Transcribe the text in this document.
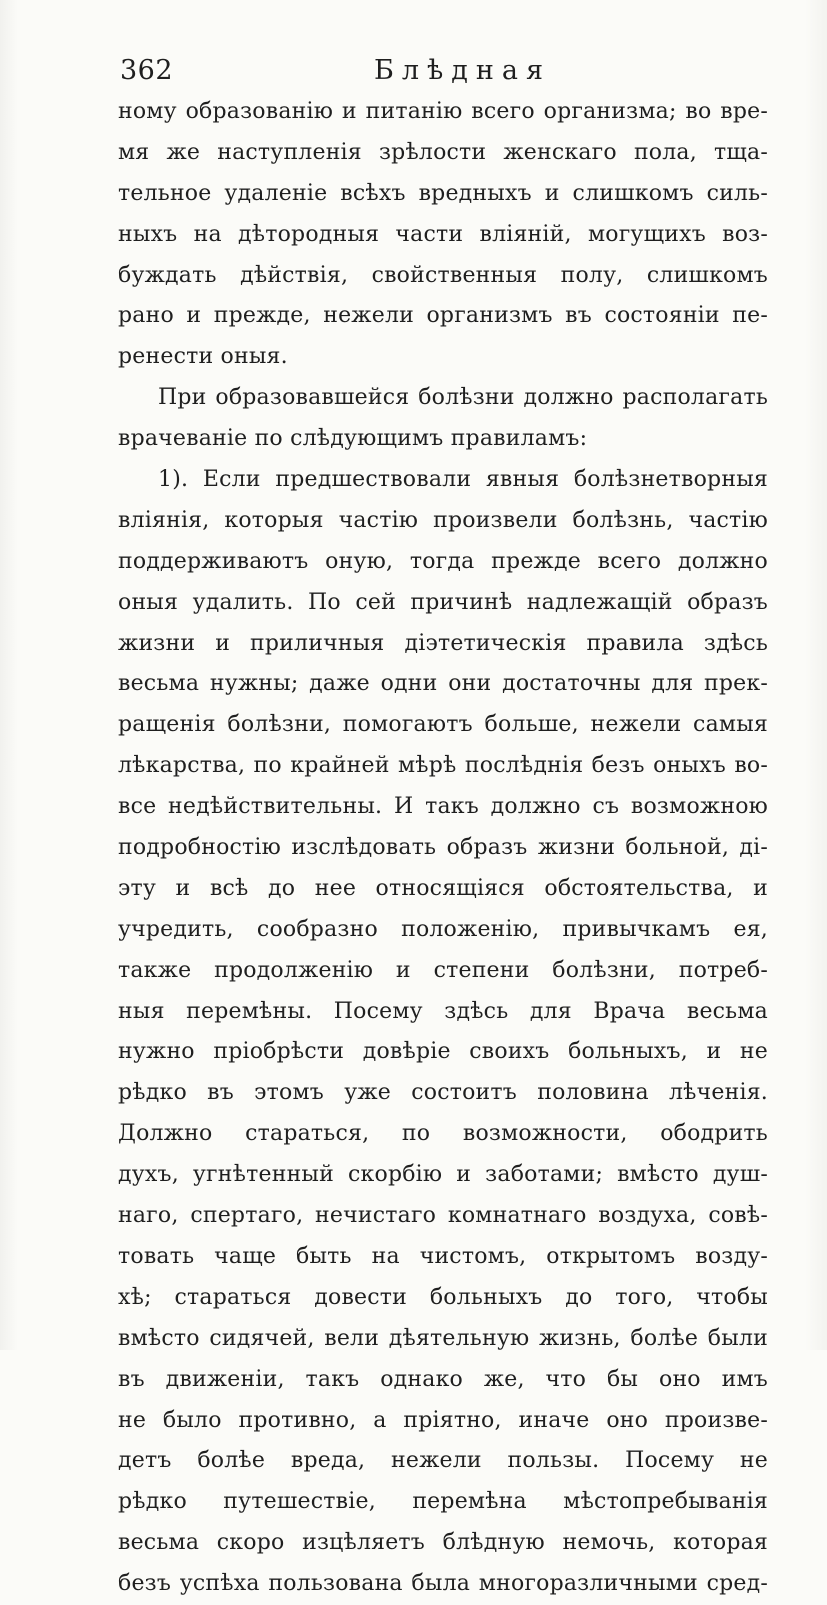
362	Блѣдная
ному образованію и питанію всего организма; во вре-
мя же наступленія зрѣлости женскаго пола, тща-
тельное удаленіе всѣхъ вредныхъ и слишкомъ силь-
ныхъ на дѣтородныя части вліяній, могущихъ воз-
буждать дѣйствія, свойственныя полу, слишкомъ
рано и прежде, нежели организмъ въ состояніи пе-
ренести оныя.
При образовавшейся болѣзни должно располагать
врачеваніе по слѣдующимъ правиламъ:
1). Если предшествовали явныя болѣзнетворныя
вліянія, которыя частію произвели болѣзнь, частію
поддерживаютъ оную, тогда прежде всего должно
оныя удалить. По сей причинѣ надлежащій образъ
жизни и приличныя діэтетическія правила здѣсь
весьма нужны; даже одни они достаточны для прек-
ращенія болѣзни, помогаютъ больше, нежели самыя
лѣкарства, по крайней мѣрѣ послѣднія безъ оныхъ во-
все недѣйствительны. И такъ должно съ возможною
подробностію изслѣдовать образъ жизни больной, ді-
эту и всѣ до нее относящіяся обстоятельства, и
учредить, сообразно положенію, привычкамъ ея,
также продолженію и степени болѣзни, потреб-
ныя перемѣны. Посему здѣсь для Врача весьма
нужно пріобрѣсти довѣріе своихъ больныхъ, и не
рѣдко въ этомъ уже состоитъ половина лѣченія.
Должно стараться, по возможности, ободрить
духъ, угнѣтенный скорбію и заботами; вмѣсто душ-
наго, спертаго, нечистаго комнатнаго воздуха, совѣ-
товать чаще быть на чистомъ, открытомъ возду-
хѣ; стараться довести больныхъ до того, чтобы
вмѣсто сидячей, вели дѣятельную жизнь, болѣе были
въ движеніи, такъ однако же, что бы оно имъ
не было противно, а пріятно, иначе оно произве-
детъ болѣе вреда, нежели пользы. Посему не
рѣдко путешествіе, перемѣна мѣстопребыванія
весьма скоро изцѣляетъ блѣдную немочь, которая
безъ успѣха пользована была многоразличными сред-
